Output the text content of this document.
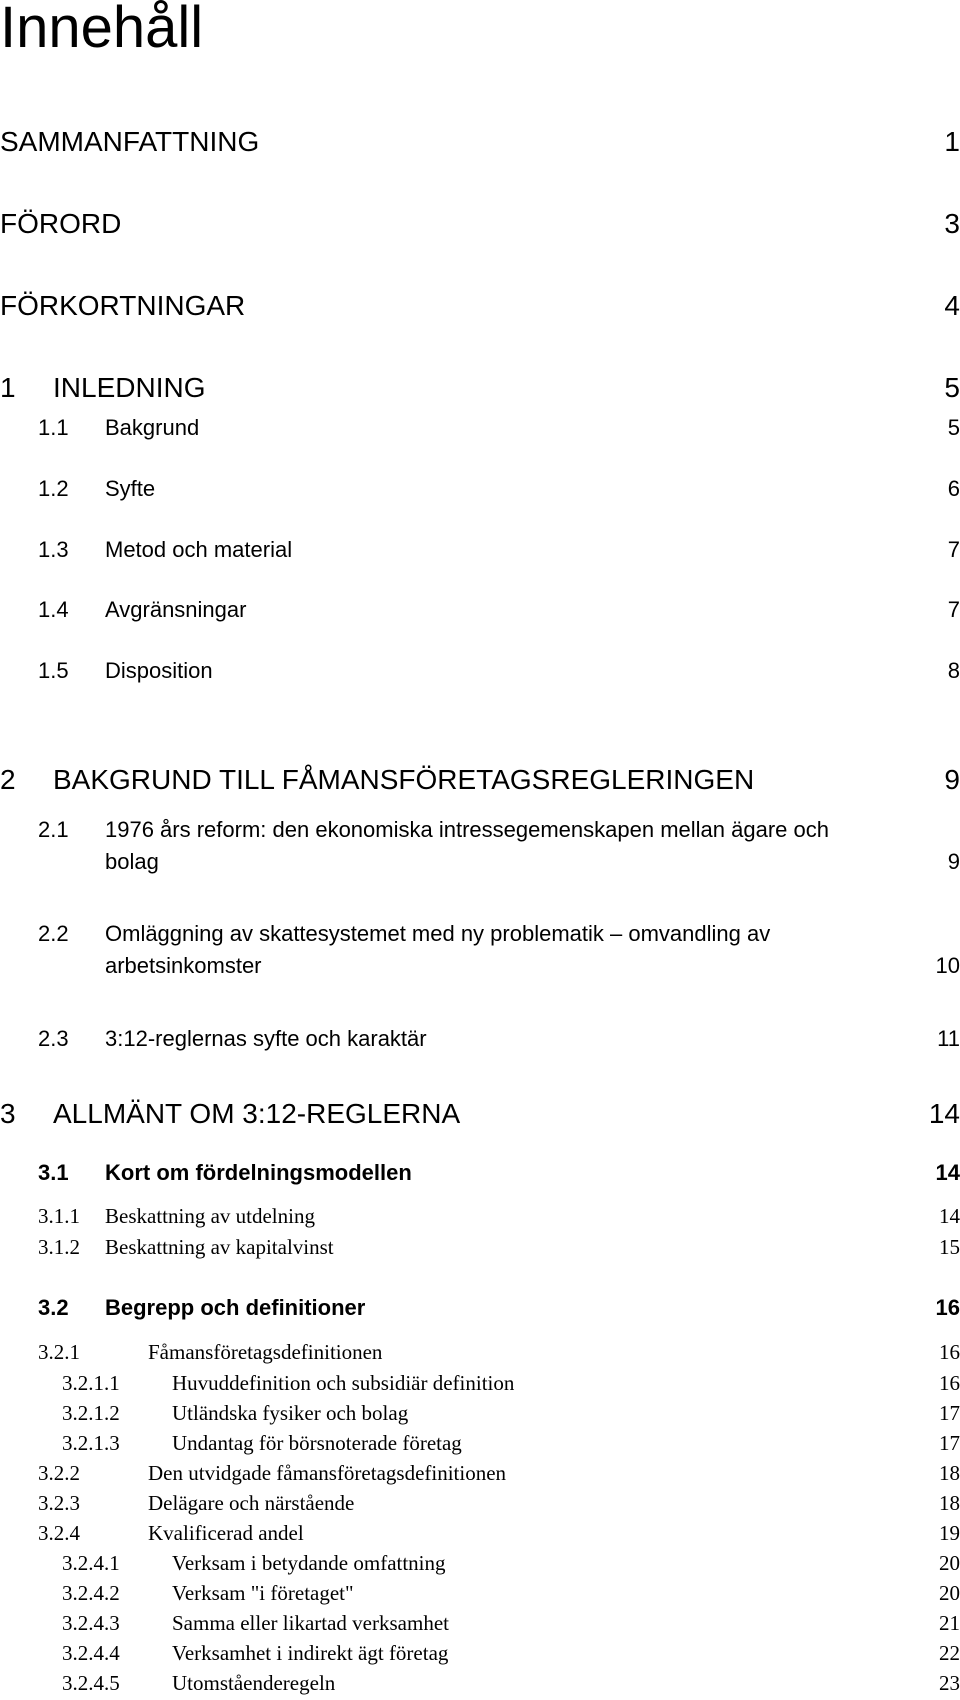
Innehåll
SAMMANFATTNING	1
FÖRORD	3
FÖRKORTNINGAR	4
1 INLEDNING	5
1.1 Bakgrund	5
1.2 Syfte	6
1.3 Metod och material	7
1.4 Avgränsningar	7
1.5 Disposition	8
2 BAKGRUND TILL FÅMANSFÖRETAGSREGLERINGEN	9
2.1 1976 års reform: den ekonomiska intressegemenskapen mellan ägare och bolag	9
2.2 Omläggning av skattesystemet med ny problematik – omvandling av arbetsinkomster	10
2.3 3:12-reglernas syfte och karaktär	11
3 ALLMÄNT OM 3:12-REGLERNA	14
3.1 Kort om fördelningsmodellen	14
3.1.1 Beskattning av utdelning	14
3.1.2 Beskattning av kapitalvinst	15
3.2 Begrepp och definitioner	16
3.2.1	Fåmansföretagsdefinitionen	16
3.2.1.1 Huvuddefinition och subsidiär definition	16
3.2.1.2 Utländska fysiker och bolag	17
3.2.1.3 Undantag för börsnoterade företag	17
3.2.2	Den utvidgade fåmansföretagsdefinitionen	18
3.2.3	Delägare och närstående	18
3.2.4	Kvalificerad andel	19
3.2.4.1 Verksam i betydande omfattning	20
3.2.4.2 Verksam "i företaget"	20
3.2.4.3 Samma eller likartad verksamhet	21
3.2.4.4 Verksamhet i indirekt ägt företag	22
3.2.4.5 Utomståenderegeln	23
